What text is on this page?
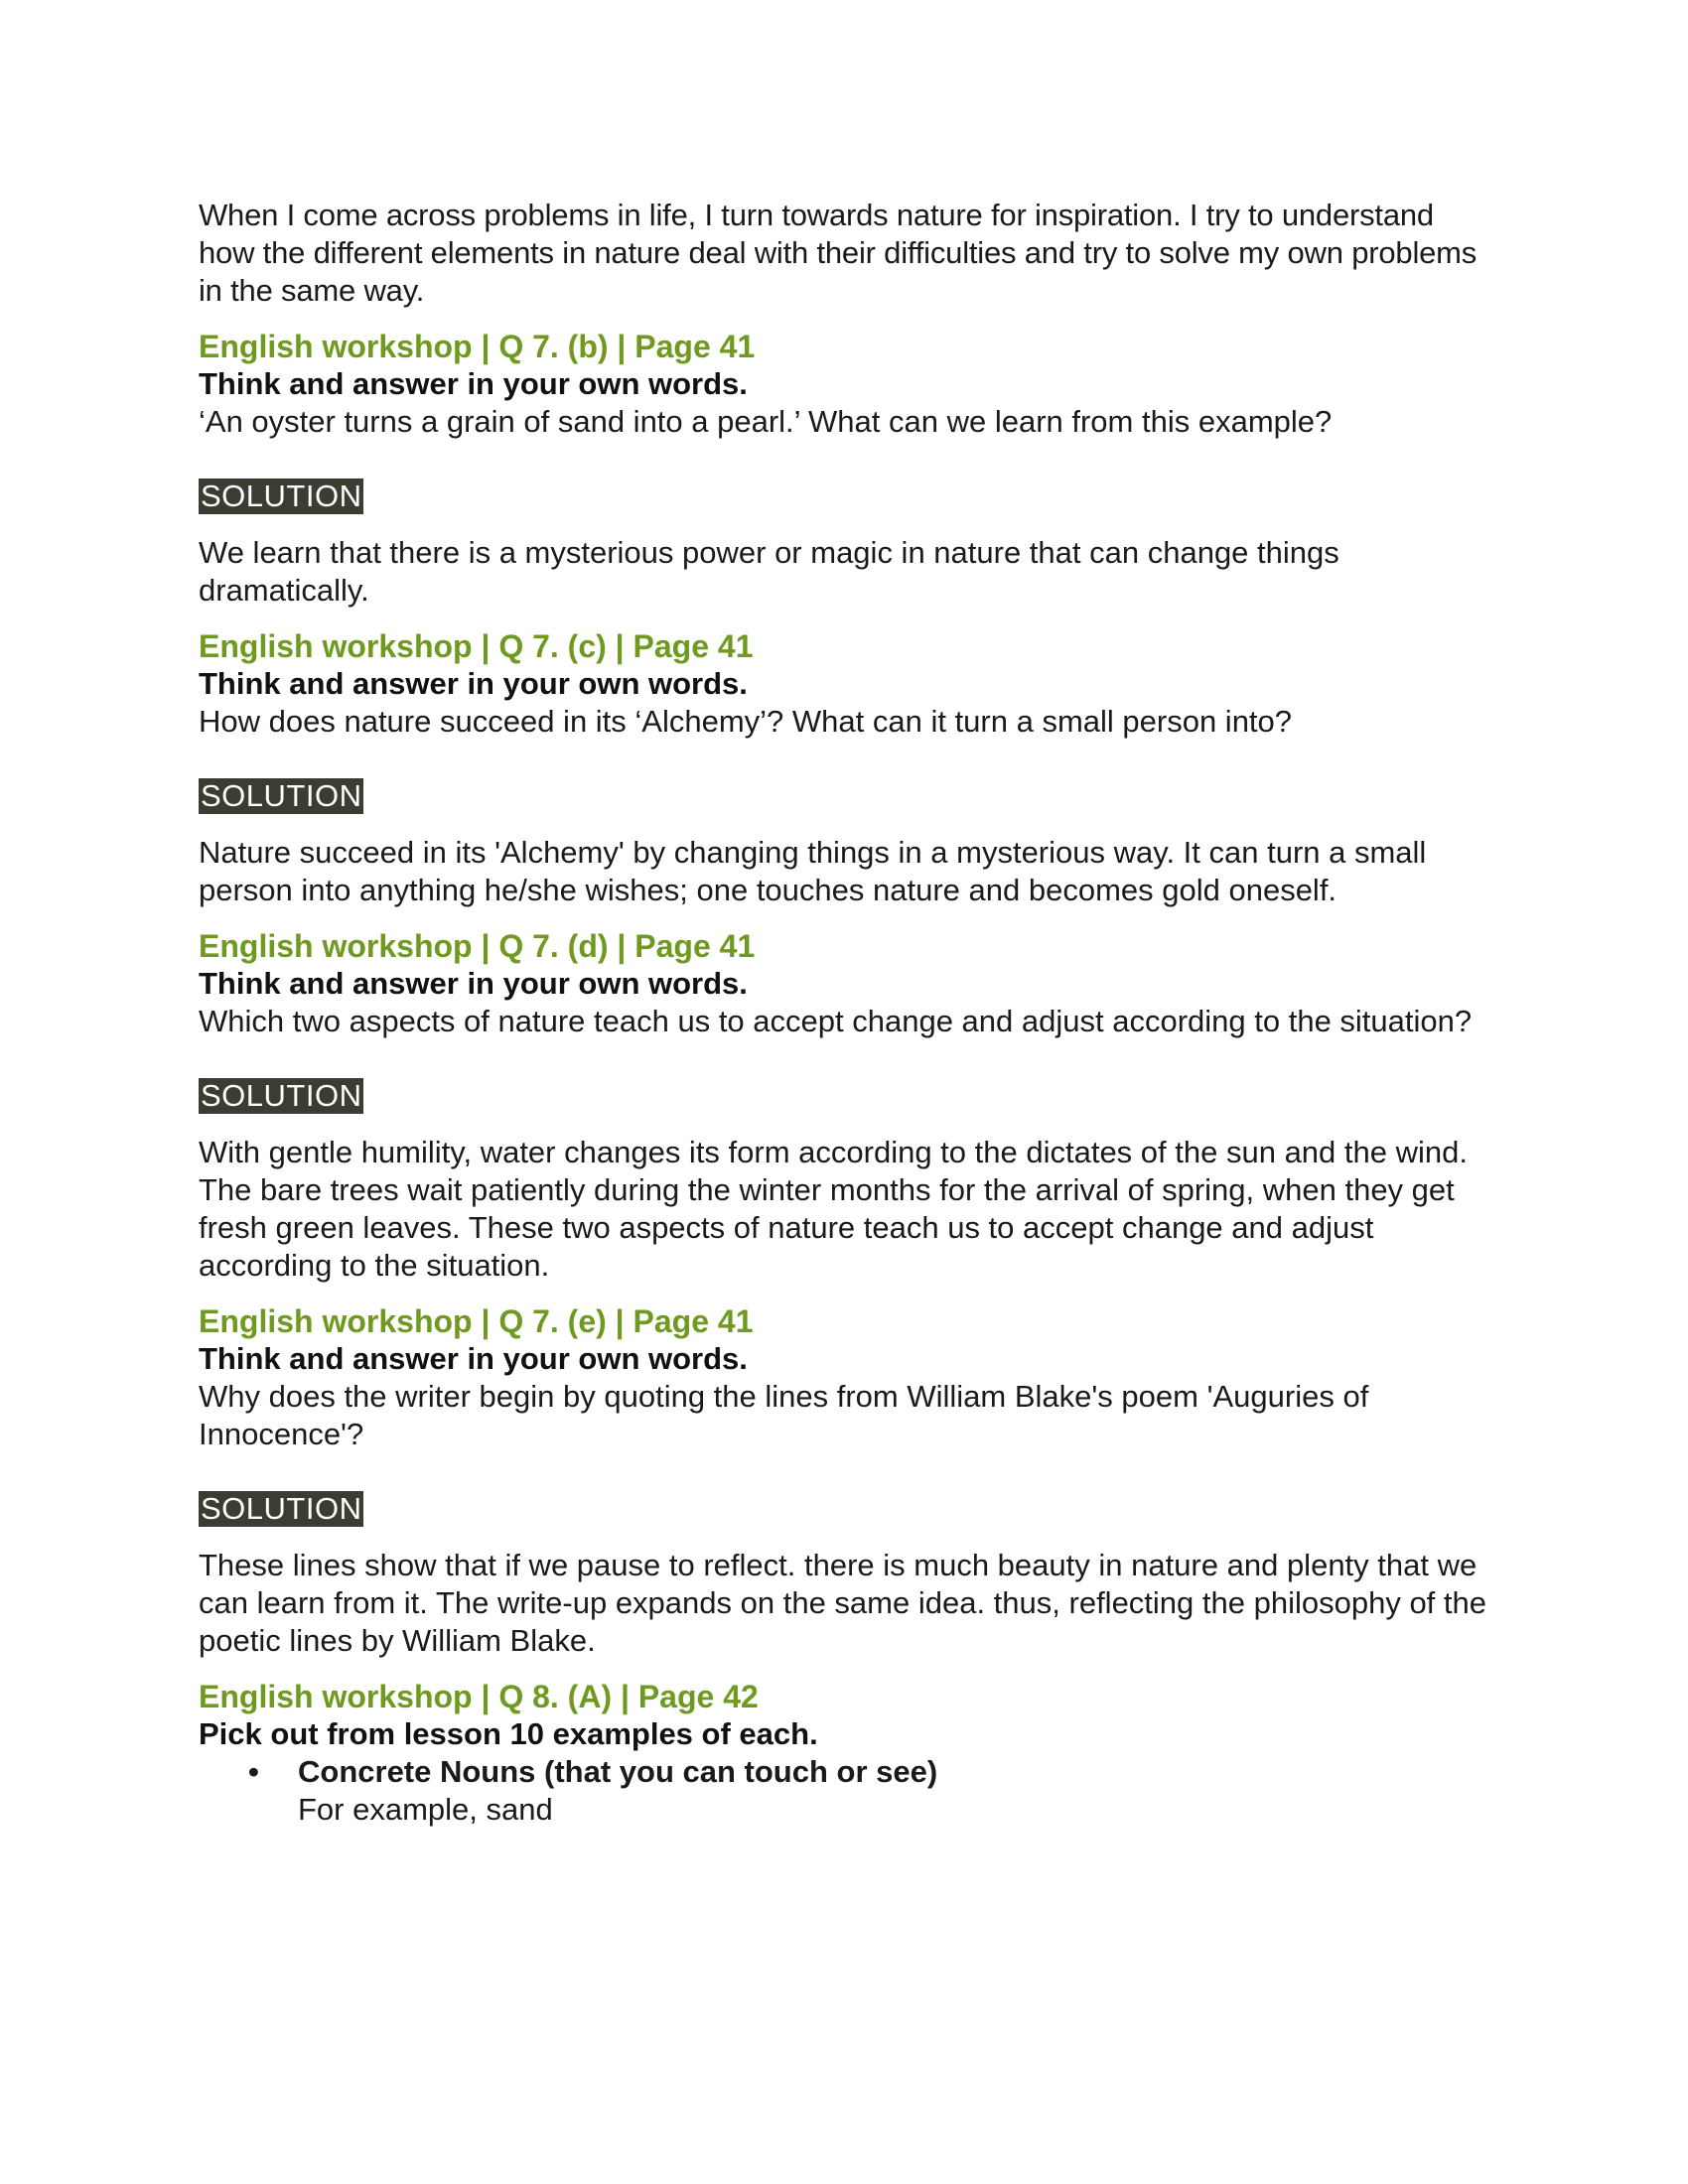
When I come across problems in life, I turn towards nature for inspiration. I try to understand how the different elements in nature deal with their difficulties and try to solve my own problems in the same way.

English workshop | Q 7. (b) | Page 41

Think and answer in your own words.

‘An oyster turns a grain of sand into a pearl.’ What can we learn from this example?

SOLUTION

We learn that there is a mysterious power or magic in nature that can change things dramatically.

English workshop | Q 7. (c) | Page 41

Think and answer in your own words.

How does nature succeed in its ‘Alchemy’? What can it turn a small person into?

SOLUTION

Nature succeed in its 'Alchemy' by changing things in a mysterious way. It can turn a small person into anything he/she wishes; one touches nature and becomes gold oneself.

English workshop | Q 7. (d) | Page 41

Think and answer in your own words.

Which two aspects of nature teach us to accept change and adjust according to the situation?

SOLUTION

With gentle humility, water changes its form according to the dictates of the sun and the wind. The bare trees wait patiently during the winter months for the arrival of spring, when they get fresh green leaves. These two aspects of nature teach us to accept change and adjust according to the situation.

English workshop | Q 7. (e) | Page 41

Think and answer in your own words.

Why does the writer begin by quoting the lines from William Blake's poem 'Auguries of Innocence'?

SOLUTION

These lines show that if we pause to reflect. there is much beauty in nature and plenty that we can learn from it. The write-up expands on the same idea. thus, reflecting the philosophy of the poetic lines by William Blake.

English workshop | Q 8. (A) | Page 42

Pick out from lesson 10 examples of each.

• Concrete Nouns (that you can touch or see)
For example, sand
